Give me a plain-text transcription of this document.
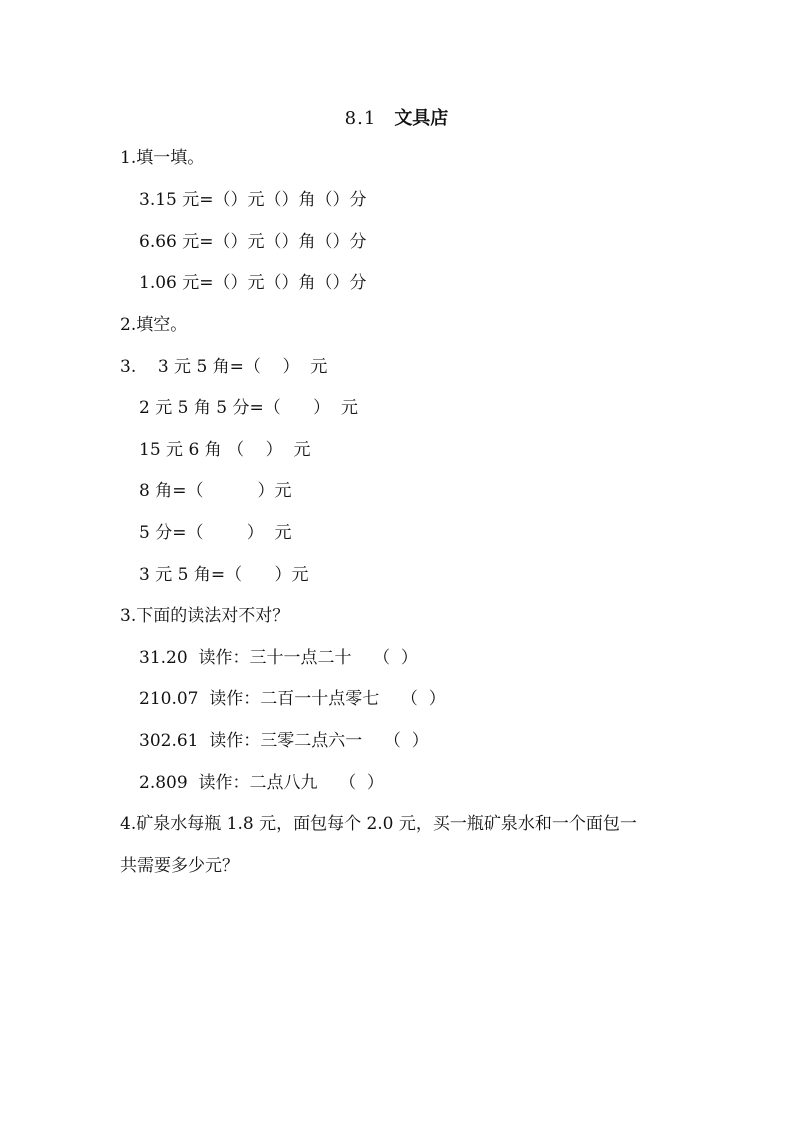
8.1 文具店
1.填一填。
3.15 元=（）元（）角（）分
6.66 元=（）元（）角（）分
1.06 元=（）元（）角（）分
2.填空。
3.    3 元 5 角=（    ）  元
2 元 5 角 5 分=（      ）  元
15 元 6 角 （    ）  元
8 角=（          ）元
5 分=（        ）  元
3 元 5 角=（      ）元
3.下面的读法对不对？
31.20  读作：三十一点二十    （  ）
210.07  读作：二百一十点零七    （  ）
302.61  读作：三零二点六一    （  ）
2.809  读作：二点八九    （  ）
4.矿泉水每瓶 1.8 元，面包每个 2.0 元，买一瓶矿泉水和一个面包一
共需要多少元？
